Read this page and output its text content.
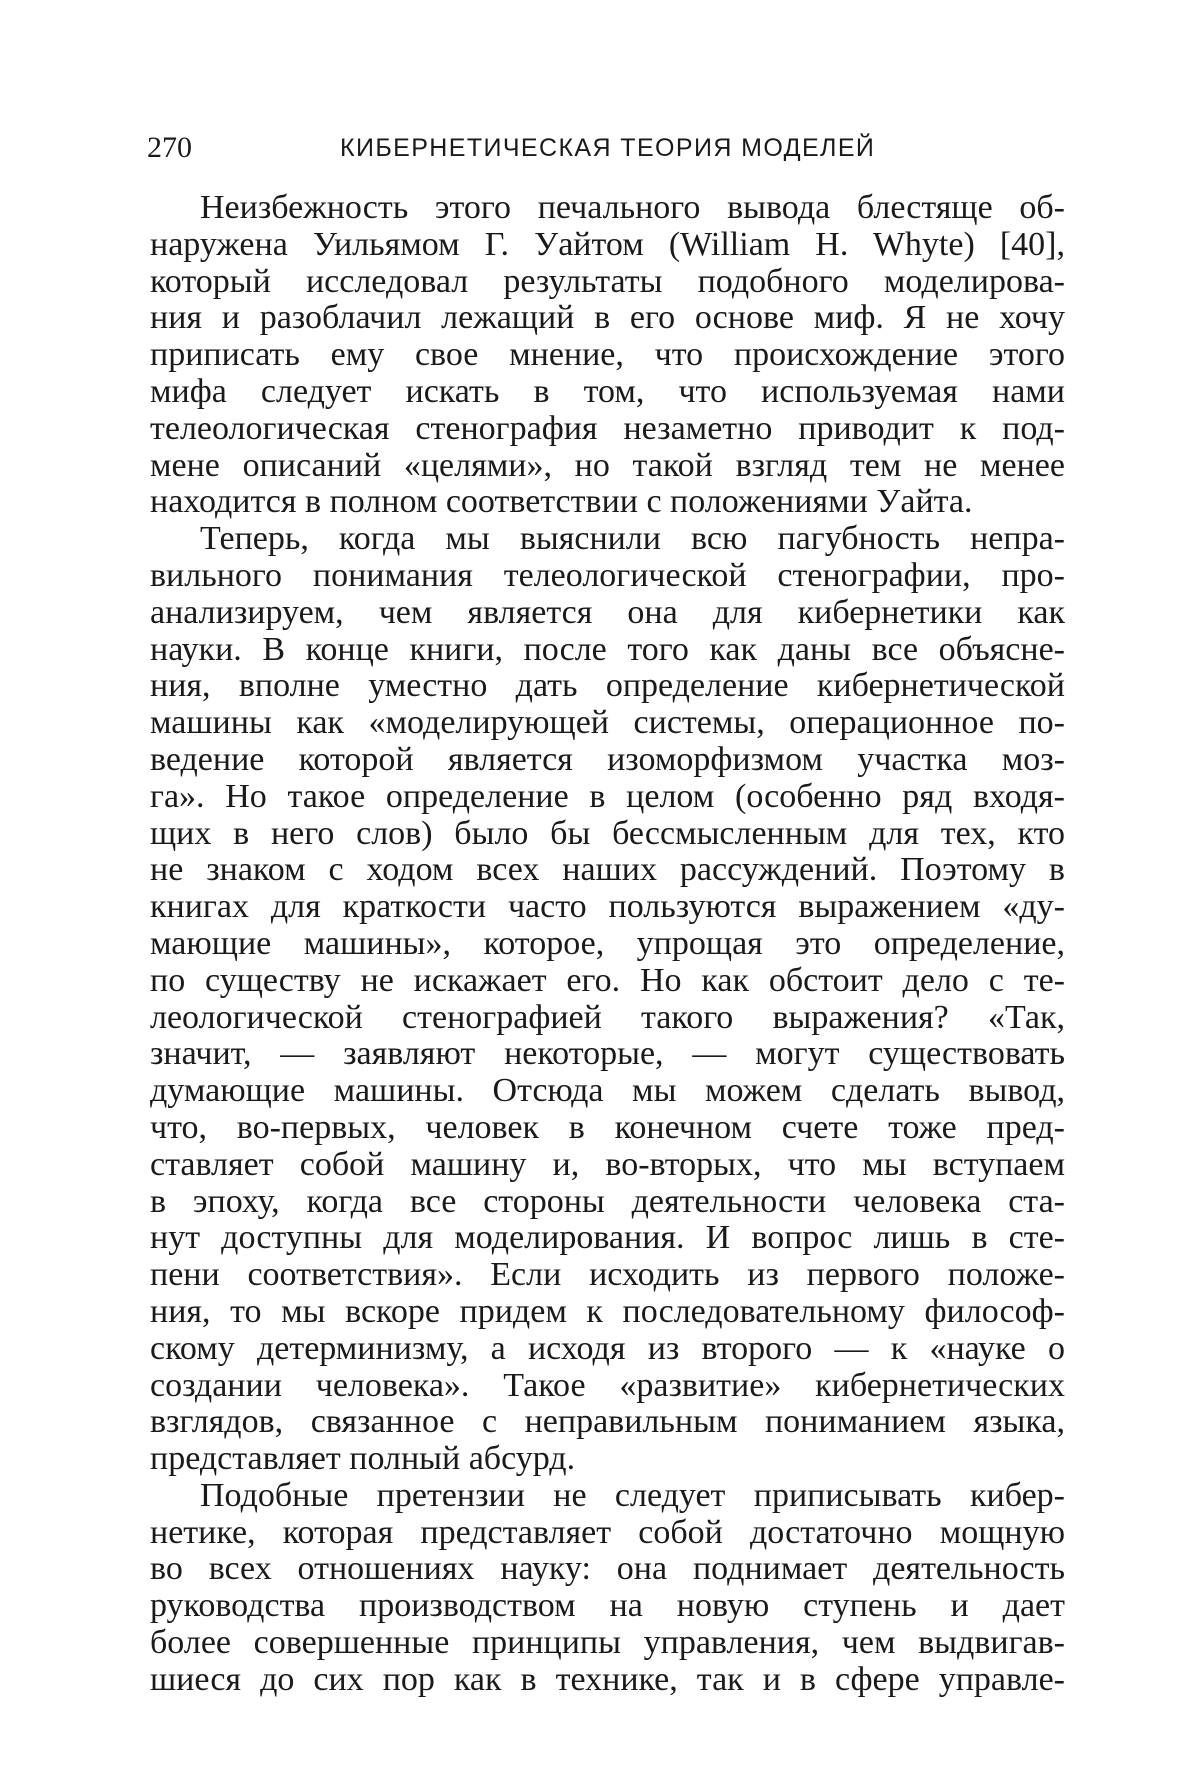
270	КИБЕРНЕТИЧЕСКАЯ ТЕОРИЯ МОДЕЛЕЙ
Неизбежность этого печального вывода блестяще об-
наружена Уильямом Г. Уайтом (William H. Whyte) [40],
который исследовал результаты подобного моделирова-
ния и разоблачил лежащий в его основе миф. Я не хочу
приписать ему свое мнение, что происхождение этого
мифа следует искать в том, что используемая нами
телеологическая стенография незаметно приводит к под-
мене описаний «целями», но такой взгляд тем не менее
находится в полном соответствии с положениями Уайта.
Теперь, когда мы выяснили всю пагубность непра-
вильного понимания телеологической стенографии, про-
анализируем, чем является она для кибернетики как
науки. В конце книги, после того как даны все объясне-
ния, вполне уместно дать определение кибернетической
машины как «моделирующей системы, операционное по-
ведение которой является изоморфизмом участка моз-
га». Но такое определение в целом (особенно ряд входя-
щих в него слов) было бы бессмысленным для тех, кто
не знаком с ходом всех наших рассуждений. Поэтому в
книгах для краткости часто пользуются выражением «ду-
мающие машины», которое, упрощая это определение,
по существу не искажает его. Но как обстоит дело с те-
леологической стенографией такого выражения? «Так,
значит, — заявляют некоторые, — могут существовать
думающие машины. Отсюда мы можем сделать вывод,
что, во-первых, человек в конечном счете тоже пред-
ставляет собой машину и, во-вторых, что мы вступаем
в эпоху, когда все стороны деятельности человека ста-
нут доступны для моделирования. И вопрос лишь в сте-
пени соответствия». Если исходить из первого положе-
ния, то мы вскоре придем к последовательному философ-
скому детерминизму, а исходя из второго — к «науке о
создании человека». Такое «развитие» кибернетических
взглядов, связанное с неправильным пониманием языка,
представляет полный абсурд.
Подобные претензии не следует приписывать кибер-
нетике, которая представляет собой достаточно мощную
во всех отношениях науку: она поднимает деятельность
руководства производством на новую ступень и дает
более совершенные принципы управления, чем выдвигав-
шиеся до сих пор как в технике, так и в сфере управле-
